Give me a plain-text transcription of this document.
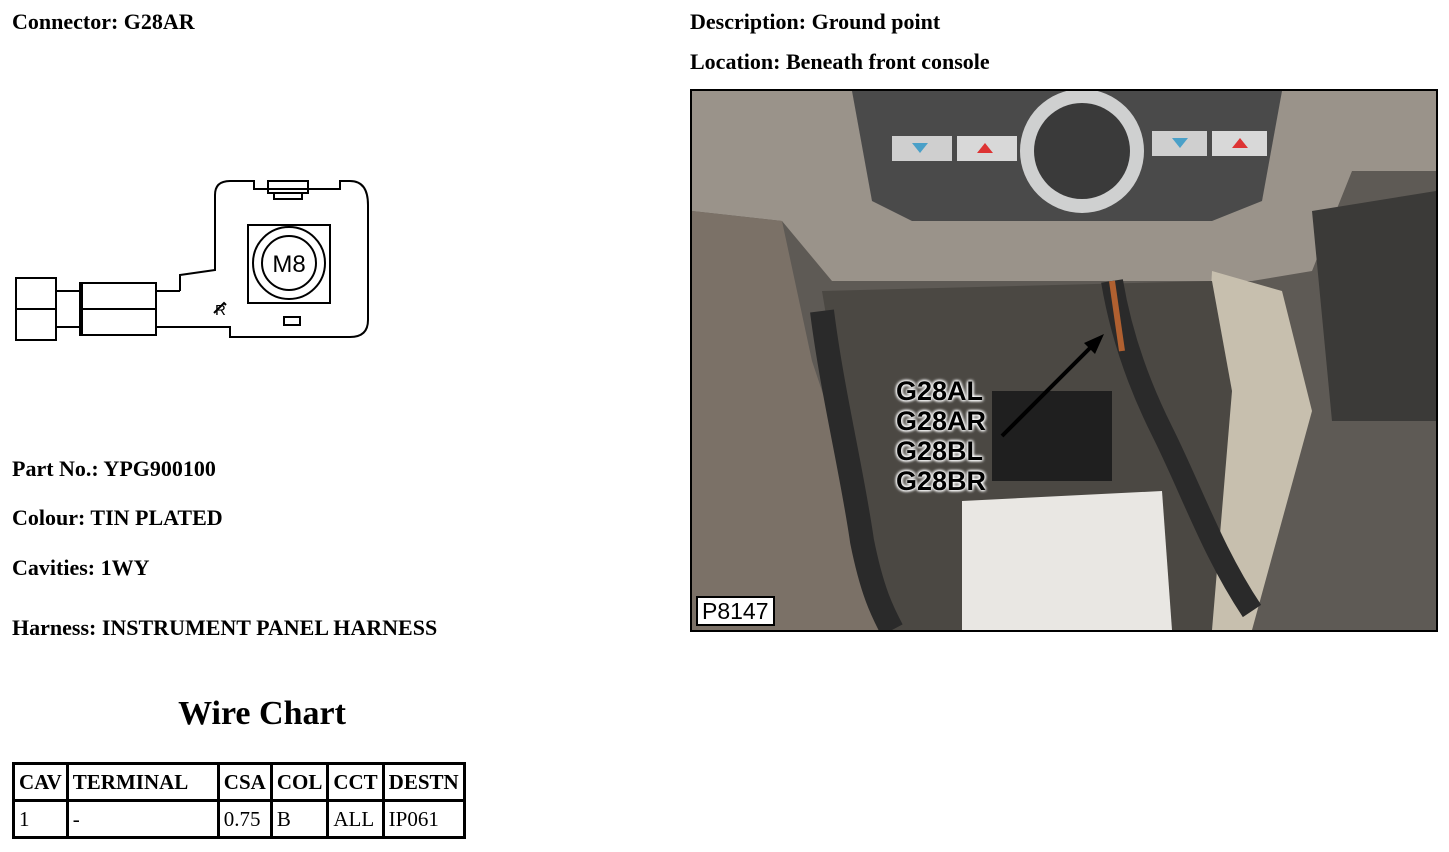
Connector: G28AR	Description: Ground point
Location: Beneath front console
M8
R
Part No.: YPG900100
Colour: TIN PLATED
Cavities: 1WY
Harness: INSTRUMENT PANEL HARNESS
Wire Chart
CAV	TERMINAL	CSA	COL	CCT	DESTN
1	-	0.75	B	ALL	IP061
G28AL
G28AR
G28BL
G28BR
P8147
